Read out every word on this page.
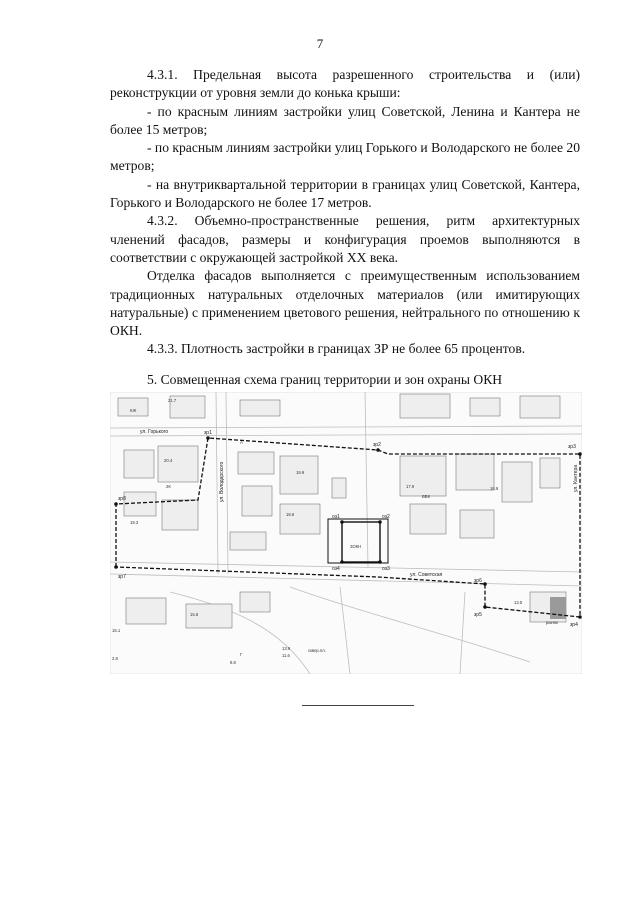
7

4.3.1. Предельная высота разрешенного строительства и (или) реконструкции от уровня земли до конька крыши:

- по красным линиям застройки улиц Советской, Ленина и Кантера не более 15 метров;

- по красным линиям застройки улиц Горького и Володарского не более 20 метров;

- на внутриквартальной территории в границах улиц Советской, Кантера, Горького и Володарского не более 17 метров.

4.3.2. Объемно-пространственные решения, ритм архитектурных членений фасадов, размеры и конфигурация проемов выполняются в соответствии с окружающей застройкой XX века.

Отделка фасадов выполняется с преимущественным использованием традиционных натуральных отделочных материалов (или имитирующих натуральные) с применением цветового решения, нейтрального по отношению к ОКН.

4.3.3. Плотность застройки в границах ЗР не более 65 процентов.

5. Совмещенная схема границ территории и зон охраны ОКН

зр1
зр2	зр3
зр4
зр5
зр6
зр7
зр8
оз1	оз2
оз3
оз4
ул. Горького
ул. Володарского	ул. Кантера
ул. Советская
21.7
19.9
20.4
19.3
18.6
17.9	16.9
13.9
15.6
15.1
13.5
11.6
8.8
2.8
рынок
ЗОКН
ВВК
КЖ
2К
А
Г
сквер.пл.
